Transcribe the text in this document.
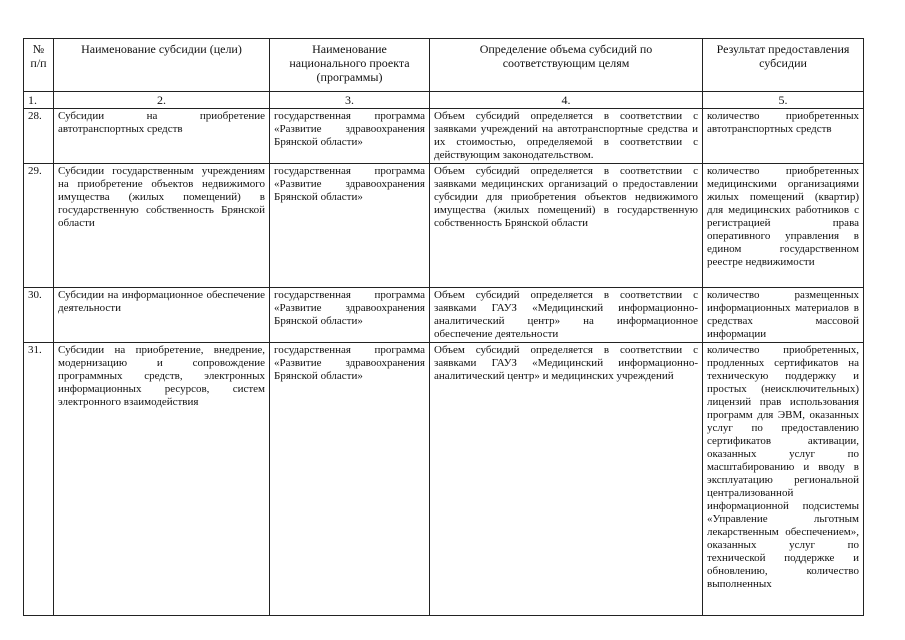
№ п/п	Наименование субсидии (цели)	Наименование национального проекта (программы)	Определение объема субсидий по соответствующим целям	Результат предоставления субсидии
1.	2.	3.	4.	5.
28.	Субсидии на приобретение автотранспортных средств	государственная программа «Развитие здравоохранения Брянской области»	Объем субсидий определяется в соответствии с заявками учреждений на автотранспортные средства и их стоимостью, определяемой в соответствии с действующим законодательством.	количество приобретенных автотранспортных средств
29.	Субсидии государственным учреждениям на приобретение объектов недвижимого имущества (жилых помещений) в государственную собственность Брянской области	государственная программа «Развитие здравоохранения Брянской области»	Объем субсидий определяется в соответствии с заявками медицинских организаций о предоставлении субсидии для приобретения объектов недвижимого имущества (жилых помещений) в государственную собственность Брянской области	количество приобретенных медицинскими организациями жилых помещений (квартир) для медицинских работников с регистрацией права оперативного управления в едином государственном реестре недвижимости
30.	Субсидии на информационное обеспечение деятельности	государственная программа «Развитие здравоохранения Брянской области»	Объем субсидий определяется в соответствии с заявками ГАУЗ «Медицинский информационно-аналитический центр» на информационное обеспечение деятельности	количество размещенных информационных материалов в средствах массовой информации
31.	Субсидии на приобретение, внедрение, модернизацию и сопровождение программных средств, электронных информационных ресурсов, систем электронного взаимодействия	государственная программа «Развитие здравоохранения Брянской области»	Объем субсидий определяется в соответствии с заявками ГАУЗ «Медицинский информационно-аналитический центр» и медицинских учреждений	количество приобретенных, продленных сертификатов на техническую поддержку и простых (неисключительных) лицензий прав использования программ для ЭВМ, оказанных услуг по предоставлению сертификатов активации, оказанных услуг по масштабированию и вводу в эксплуатацию региональной централизованной информационной подсистемы «Управление льготным лекарственным обеспечением», оказанных услуг по технической поддержке и обновлению, количество выполненных
